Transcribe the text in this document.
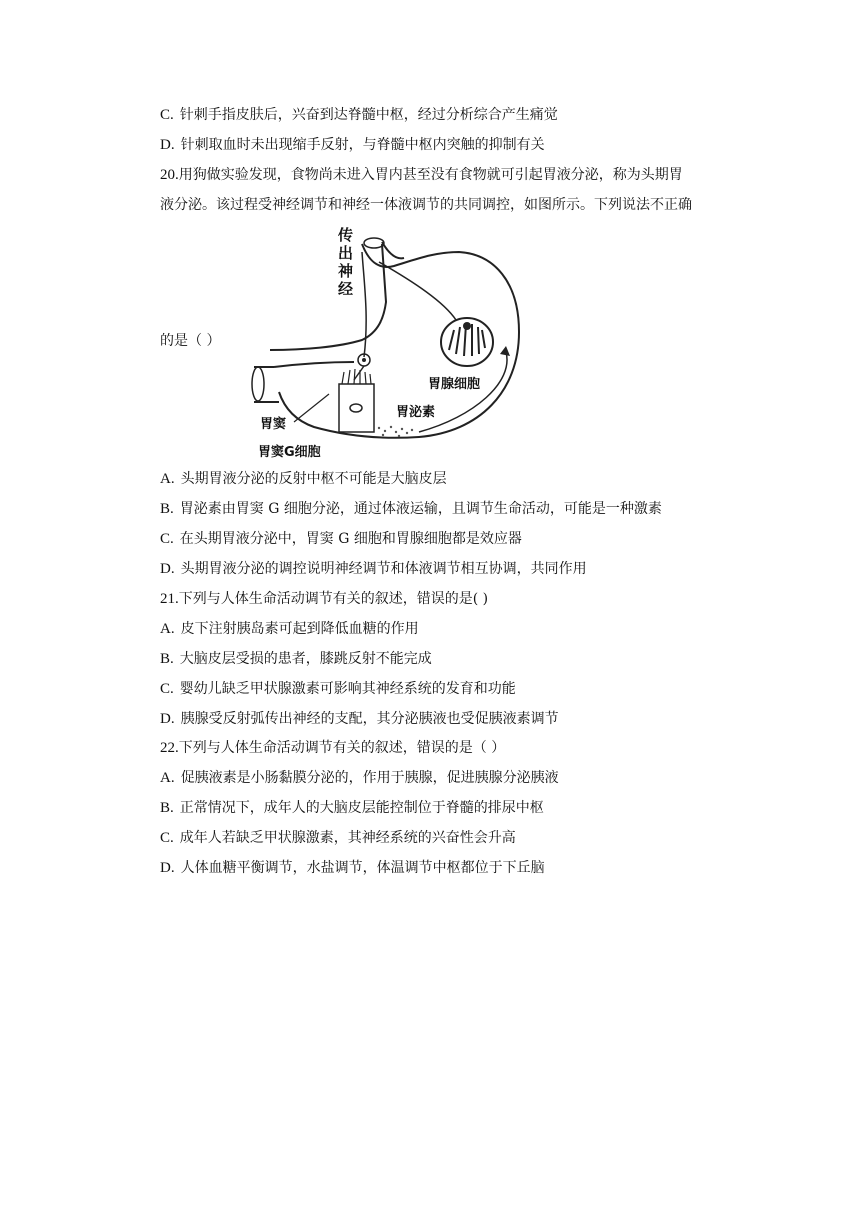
C. 针刺手指皮肤后，兴奋到达脊髓中枢，经过分析综合产生痛觉
D. 针刺取血时未出现缩手反射，与脊髓中枢内突触的抑制有关
20.用狗做实验发现，食物尚未进入胃内甚至没有食物就可引起胃液分泌，称为头期胃
液分泌。该过程受神经调节和神经一体液调节的共同调控，如图所示。下列说法不正确
的是（ ）
传
出
神
经
胃腺细胞
胃窦
胃泌素
胃窦G细胞
A. 头期胃液分泌的反射中枢不可能是大脑皮层
B. 胃泌素由胃窦 G 细胞分泌，通过体液运输，且调节生命活动，可能是一种激素
C. 在头期胃液分泌中，胃窦 G 细胞和胃腺细胞都是效应器
D. 头期胃液分泌的调控说明神经调节和体液调节相互协调，共同作用
21.下列与人体生命活动调节有关的叙述，错误的是( )
A. 皮下注射胰岛素可起到降低血糖的作用
B. 大脑皮层受损的患者，膝跳反射不能完成
C. 婴幼儿缺乏甲状腺激素可影响其神经系统的发育和功能
D. 胰腺受反射弧传出神经的支配，其分泌胰液也受促胰液素调节
22.下列与人体生命活动调节有关的叙述，错误的是（ ）
A. 促胰液素是小肠黏膜分泌的，作用于胰腺，促进胰腺分泌胰液
B. 正常情况下，成年人的大脑皮层能控制位于脊髓的排尿中枢
C. 成年人若缺乏甲状腺激素，其神经系统的兴奋性会升高
D. 人体血糖平衡调节，水盐调节，体温调节中枢都位于下丘脑
